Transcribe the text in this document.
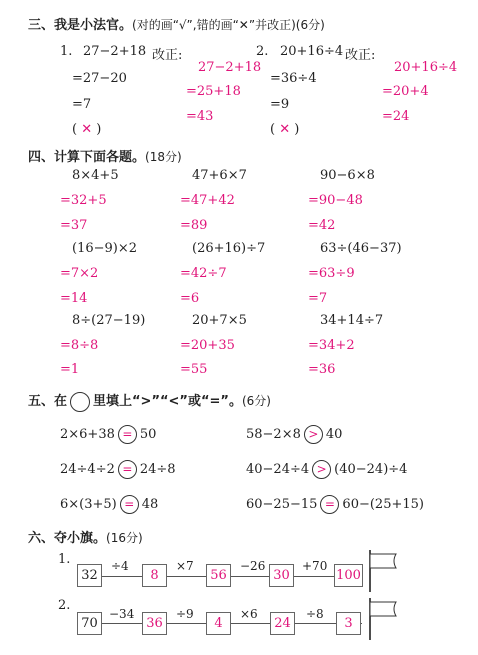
三、我是小法官。(对的画“√”,错的画“✕”并改正)(6分)
1. 27−2+18 改正:
=27−20
=7
( ✕ )
27−2+18
=25+18
=43
2. 20+16÷4 改正:
=36÷4
=9
( ✕ )
20+16÷4
=20+4
=24
四、计算下面各题。(18分)
8×4+5
=32+5
=37
47+6×7
=47+42
=89
90−6×8
=90−48
=42
(16−9)×2
=7×2
=14
(26+16)÷7
=42÷7
=6
63÷(46−37)
=63÷9
=7
8÷(27−19)
=8÷8
=1
20+7×5
=20+35
=55
34+14÷7
=34+2
=36
五、在 里填上“>”“<”或“=”。(6分)
2×6+38 = 50	58−2×8 > 40
24÷4÷2 = 24÷8	40−24÷4 > (40−24)÷4
6×(3+5) = 48	60−25−15 = 60−(25+15)
六、夺小旗。(16分)
1.
32
÷4
8
×7
56
−26
30
+70
100
2.
70
−34
36
÷9
4
×6
24
÷8
3
